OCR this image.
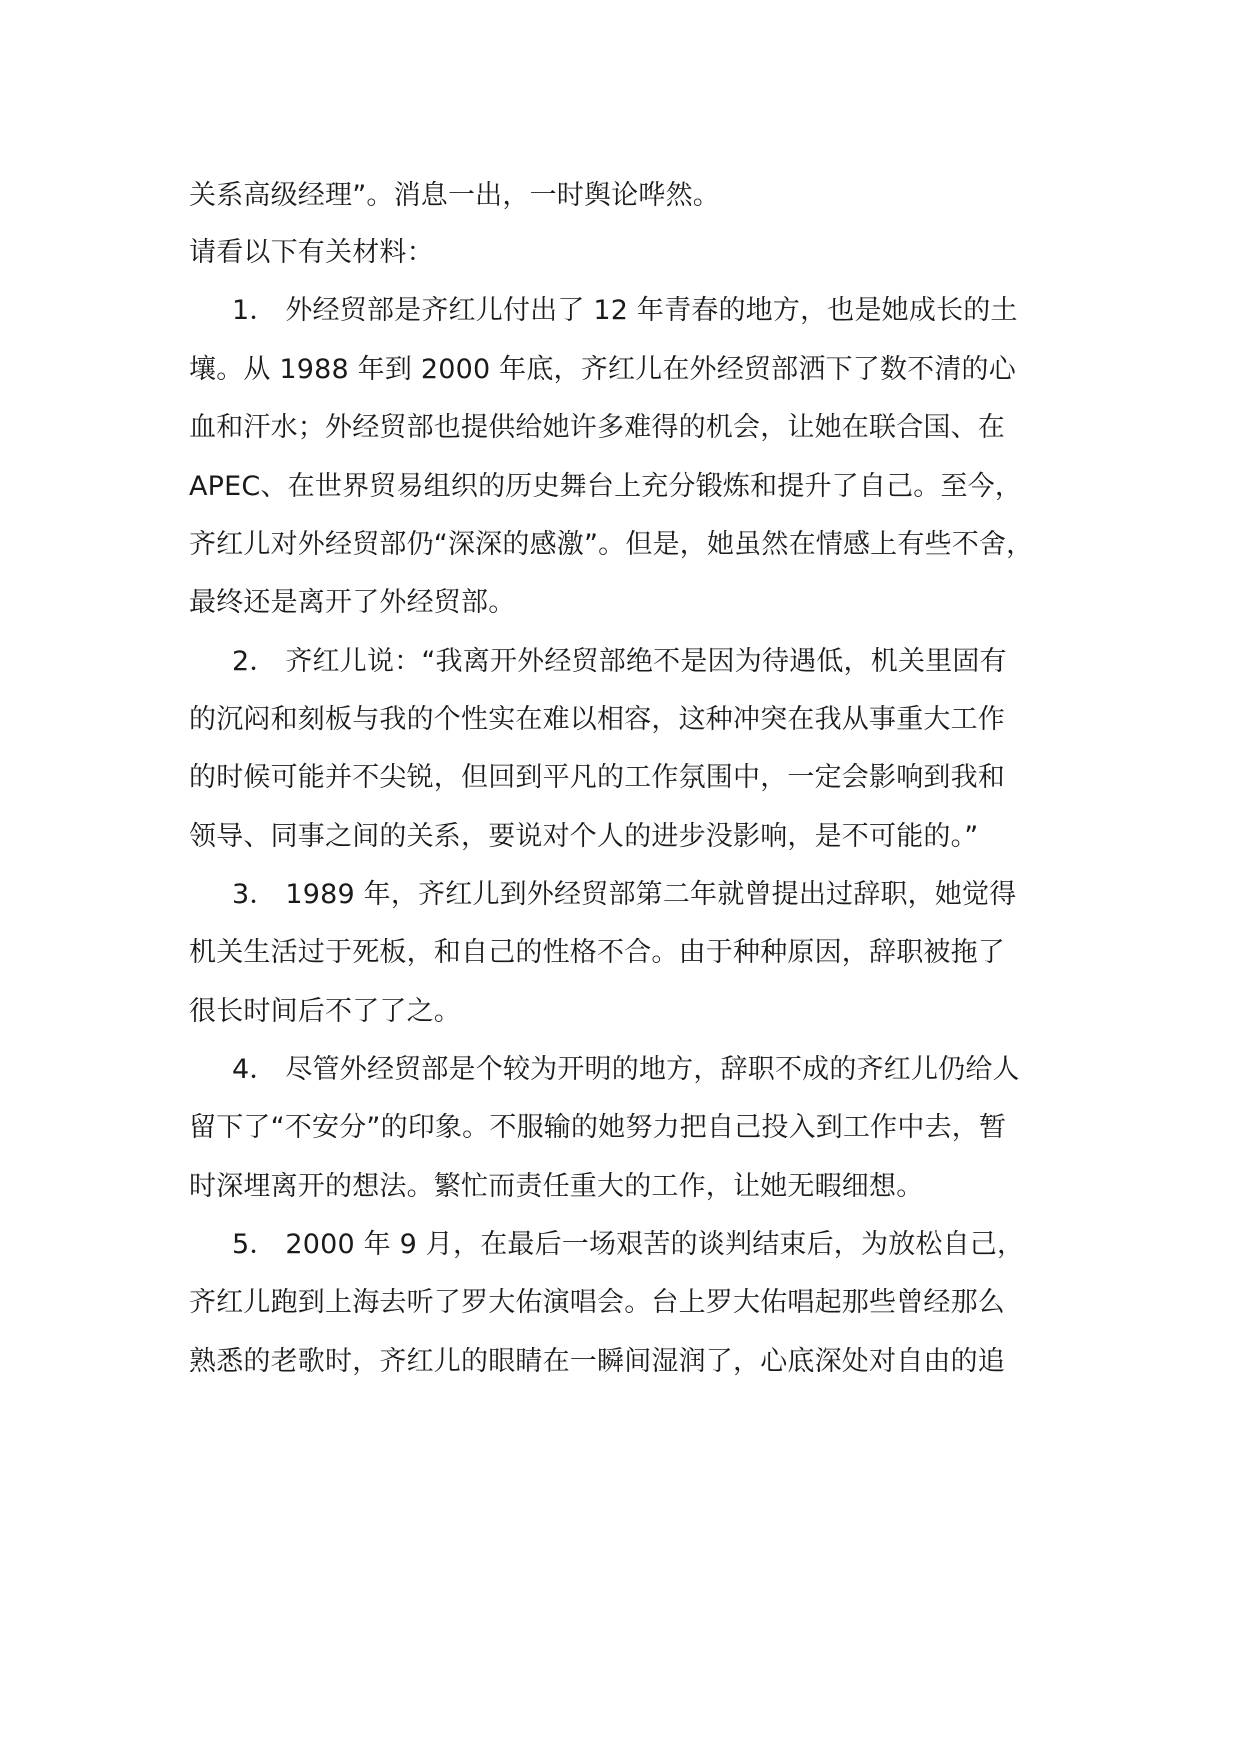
关系高级经理”。消息一出，一时舆论哗然。
请看以下有关材料：
1． 外经贸部是齐红儿付出了 12 年青春的地方，也是她成长的土
壤。从 1988 年到 2000 年底，齐红儿在外经贸部洒下了数不清的心
血和汗水；外经贸部也提供给她许多难得的机会，让她在联合国、在
APEC、在世界贸易组织的历史舞台上充分锻炼和提升了自己。至今，
齐红儿对外经贸部仍“深深的感激”。但是，她虽然在情感上有些不舍，
最终还是离开了外经贸部。
2． 齐红儿说：“我离开外经贸部绝不是因为待遇低，机关里固有
的沉闷和刻板与我的个性实在难以相容，这种冲突在我从事重大工作
的时候可能并不尖锐，但回到平凡的工作氛围中，一定会影响到我和
领导、同事之间的关系，要说对个人的进步没影响，是不可能的。”
3． 1989 年，齐红儿到外经贸部第二年就曾提出过辞职，她觉得
机关生活过于死板，和自己的性格不合。由于种种原因，辞职被拖了
很长时间后不了了之。
4． 尽管外经贸部是个较为开明的地方，辞职不成的齐红儿仍给人
留下了“不安分”的印象。不服输的她努力把自己投入到工作中去，暂
时深埋离开的想法。繁忙而责任重大的工作，让她无暇细想。
5． 2000 年 9 月，在最后一场艰苦的谈判结束后，为放松自己，
齐红儿跑到上海去听了罗大佑演唱会。台上罗大佑唱起那些曾经那么
熟悉的老歌时，齐红儿的眼睛在一瞬间湿润了，心底深处对自由的追
